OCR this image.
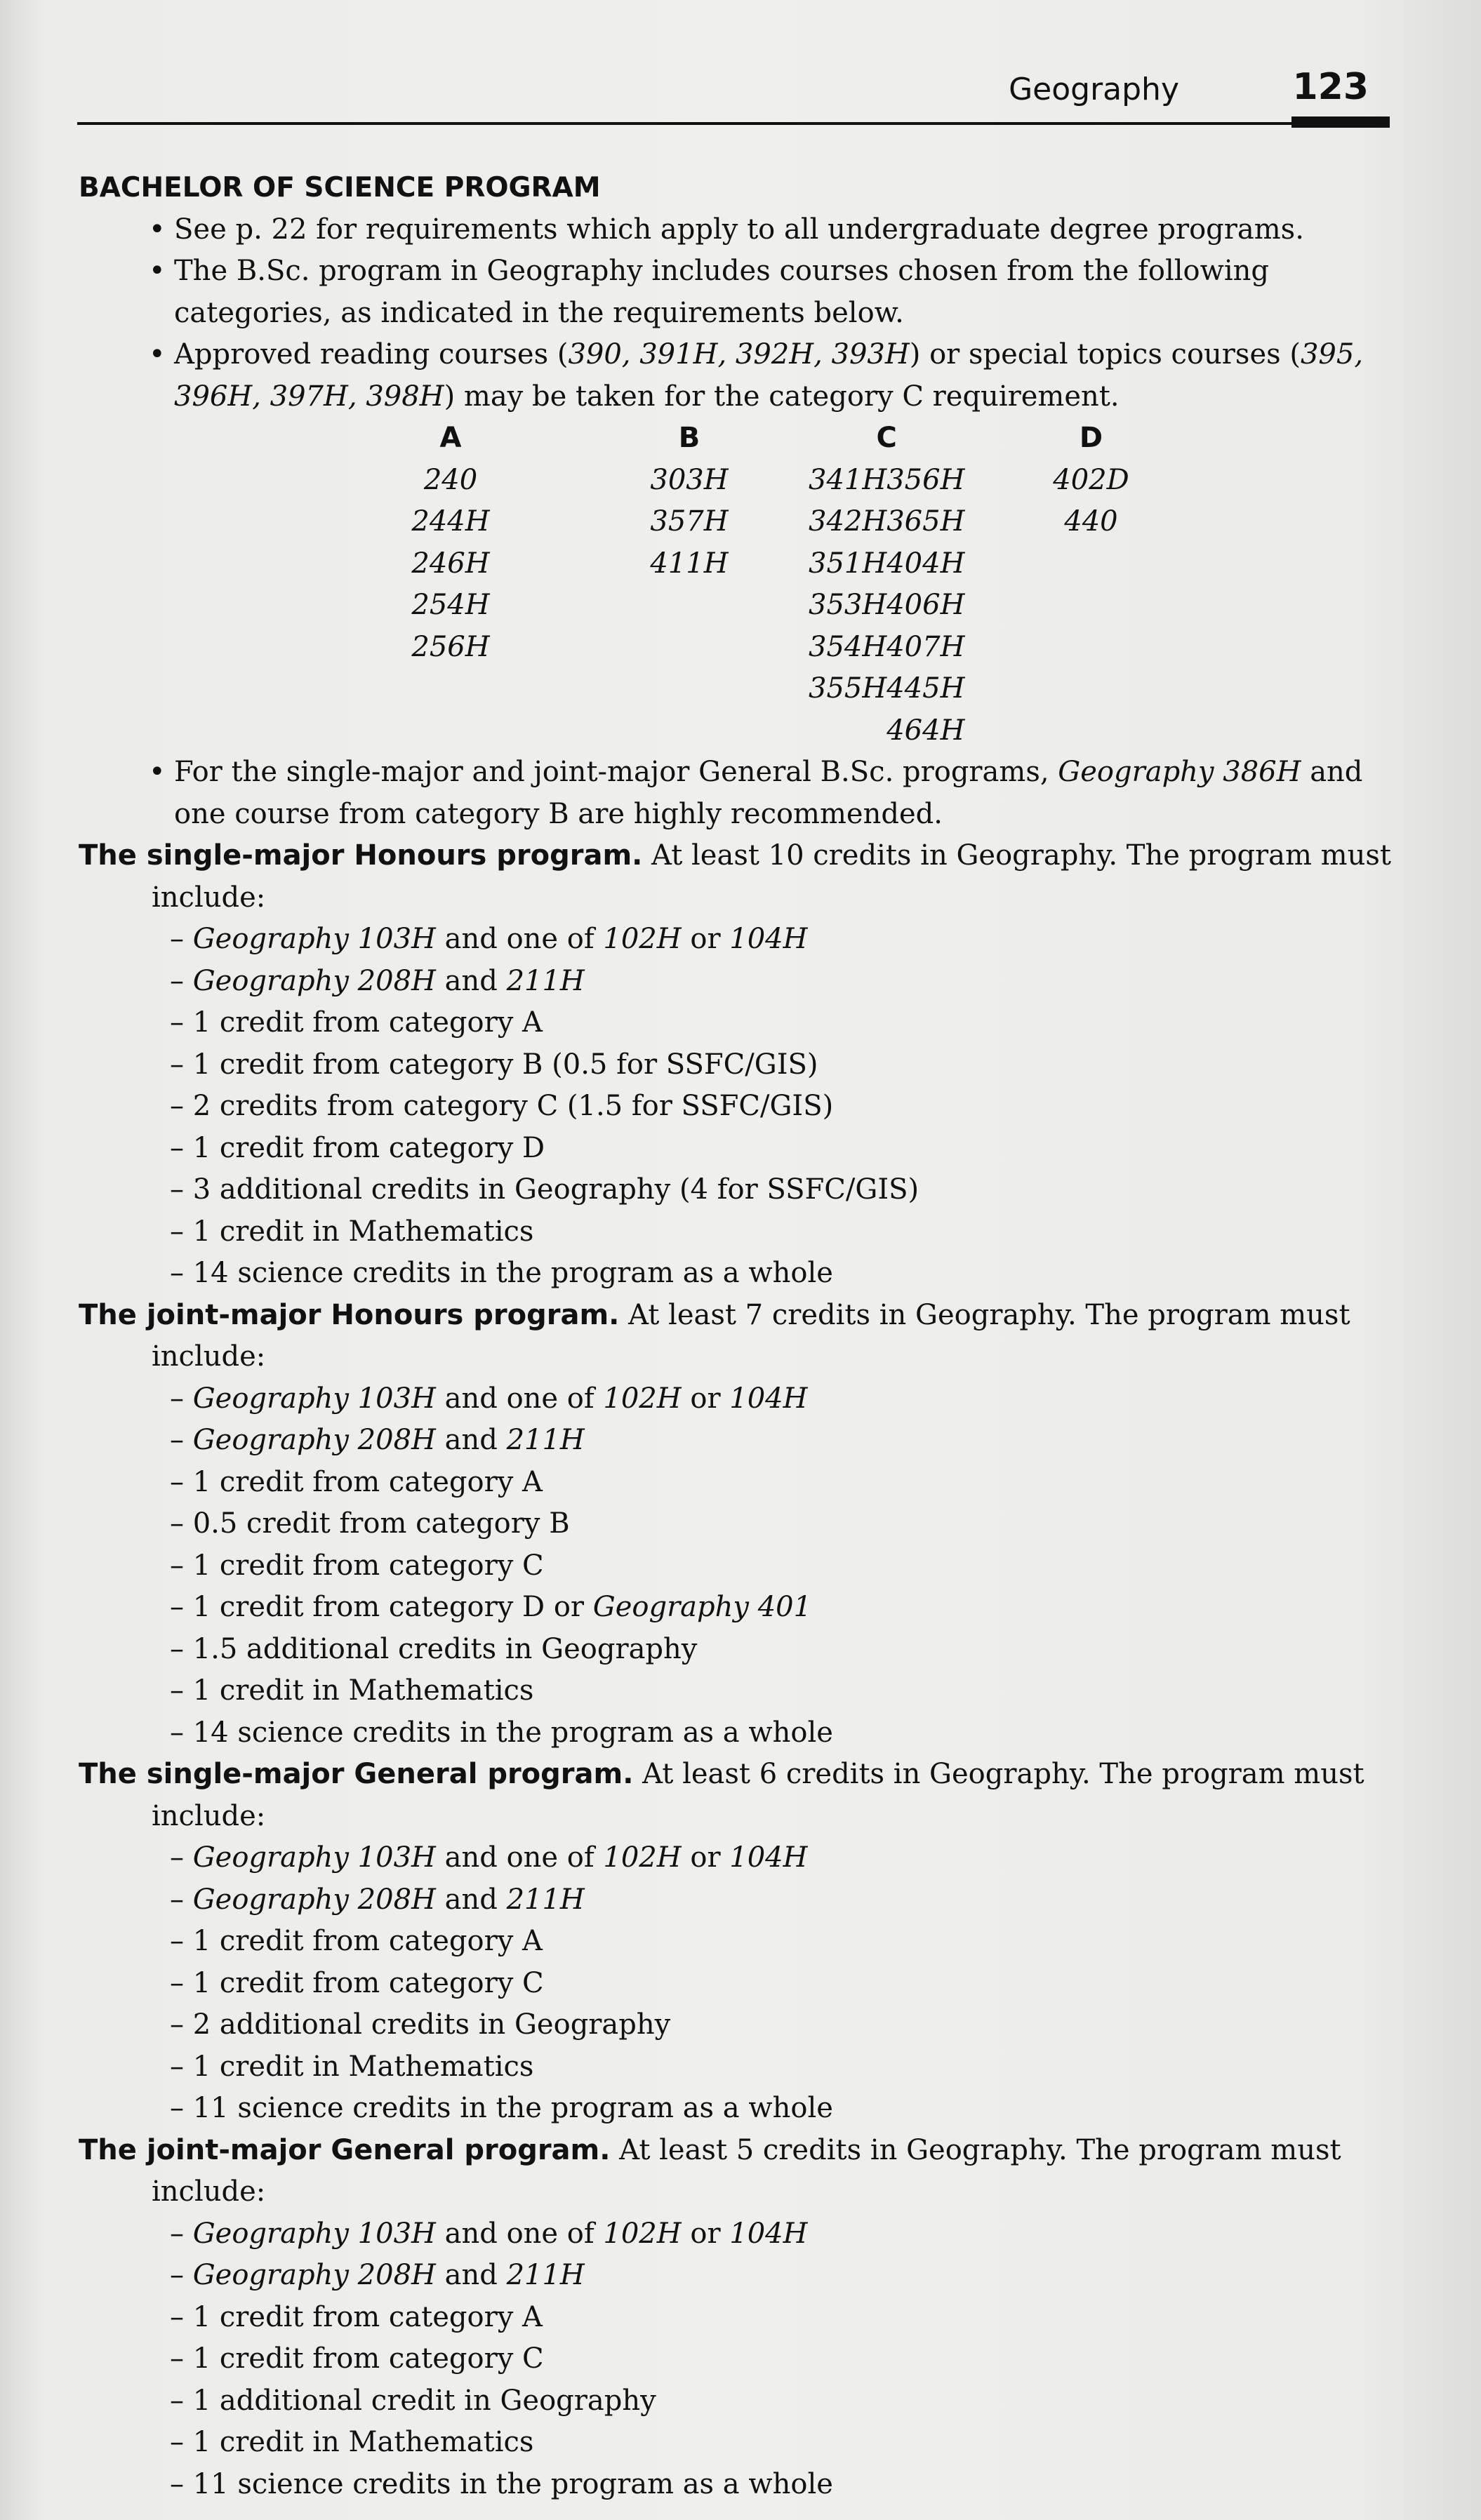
Geography	123
BACHELOR OF SCIENCE PROGRAM
• See p. 22 for requirements which apply to all undergraduate degree programs.
• The B.Sc. program in Geography includes courses chosen from the following categories, as indicated in the requirements below.
• Approved reading courses (390, 391H, 392H, 393H) or special topics courses (395, 396H, 397H, 398H) may be taken for the category C requirement.
A	B	C		D
240	303H	341H	356H	402D
244H	357H	342H	365H	440
246H	411H	351H	404H	
254H		353H	406H	
256H		354H	407H	
		355H	445H	
			464H	
• For the single-major and joint-major General B.Sc. programs, Geography 386H and one course from category B are highly recommended.
The single-major Honours program. At least 10 credits in Geography. The program must include:
– Geography 103H and one of 102H or 104H
– Geography 208H and 211H
– 1 credit from category A
– 1 credit from category B (0.5 for SSFC/GIS)
– 2 credits from category C (1.5 for SSFC/GIS)
– 1 credit from category D
– 3 additional credits in Geography (4 for SSFC/GIS)
– 1 credit in Mathematics
– 14 science credits in the program as a whole
The joint-major Honours program. At least 7 credits in Geography. The program must include:
– Geography 103H and one of 102H or 104H
– Geography 208H and 211H
– 1 credit from category A
– 0.5 credit from category B
– 1 credit from category C
– 1 credit from category D or Geography 401
– 1.5 additional credits in Geography
– 1 credit in Mathematics
– 14 science credits in the program as a whole
The single-major General program. At least 6 credits in Geography. The program must include:
– Geography 103H and one of 102H or 104H
– Geography 208H and 211H
– 1 credit from category A
– 1 credit from category C
– 2 additional credits in Geography
– 1 credit in Mathematics
– 11 science credits in the program as a whole
The joint-major General program. At least 5 credits in Geography. The program must include:
– Geography 103H and one of 102H or 104H
– Geography 208H and 211H
– 1 credit from category A
– 1 credit from category C
– 1 additional credit in Geography
– 1 credit in Mathematics
– 11 science credits in the program as a whole
